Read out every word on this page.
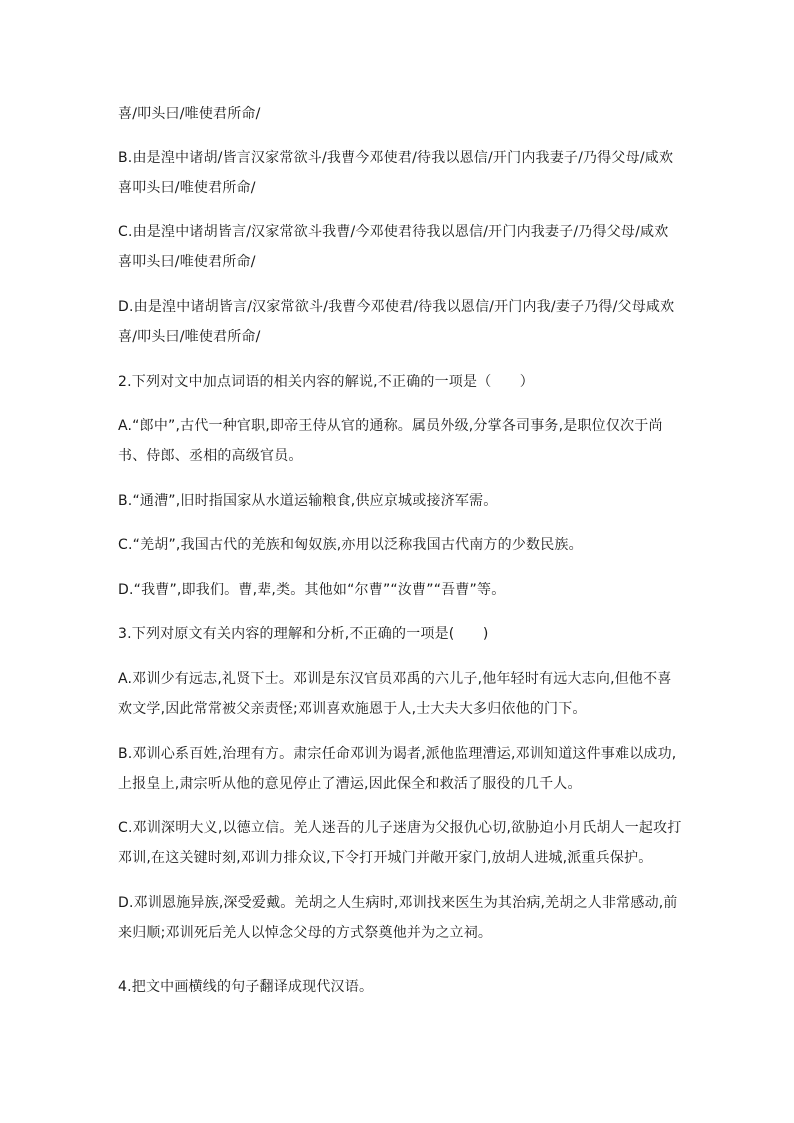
喜/叩头曰/唯使君所命/
B.由是湟中诸胡/皆言汉家常欲斗/我曹今邓使君/待我以恩信/开门内我妻子/乃得父母/咸欢
喜叩头曰/唯使君所命/
C.由是湟中诸胡皆言/汉家常欲斗我曹/今邓使君待我以恩信/开门内我妻子/乃得父母/咸欢
喜叩头曰/唯使君所命/
D.由是湟中诸胡皆言/汉家常欲斗/我曹今邓使君/待我以恩信/开门内我/妻子乃得/父母咸欢
喜/叩头曰/唯使君所命/
2.下列对文中加点词语的相关内容的解说,不正确的一项是（　　）
A.“郎中”,古代一种官职,即帝王侍从官的通称。属员外级,分掌各司事务,是职位仅次于尚
书、侍郎、丞相的高级官员。
B.“通漕”,旧时指国家从水道运输粮食,供应京城或接济军需。
C.“羌胡”,我国古代的羌族和匈奴族,亦用以泛称我国古代南方的少数民族。
D.“我曹”,即我们。曹,辈,类。其他如“尔曹”“汝曹”“吾曹”等。
3.下列对原文有关内容的理解和分析,不正确的一项是(　　)
A.邓训少有远志,礼贤下士。邓训是东汉官员邓禹的六儿子,他年轻时有远大志向,但他不喜
欢文学,因此常常被父亲责怪;邓训喜欢施恩于人,士大夫大多归依他的门下。
B.邓训心系百姓,治理有方。肃宗任命邓训为谒者,派他监理漕运,邓训知道这件事难以成功,
上报皇上,肃宗听从他的意见停止了漕运,因此保全和救活了服役的几千人。
C.邓训深明大义,以德立信。羌人迷吾的儿子迷唐为父报仇心切,欲胁迫小月氏胡人一起攻打
邓训,在这关键时刻,邓训力排众议,下令打开城门并敞开家门,放胡人进城,派重兵保护。
D.邓训恩施异族,深受爱戴。羌胡之人生病时,邓训找来医生为其治病,羌胡之人非常感动,前
来归顺;邓训死后羌人以悼念父母的方式祭奠他并为之立祠。
4.把文中画横线的句子翻译成现代汉语。
